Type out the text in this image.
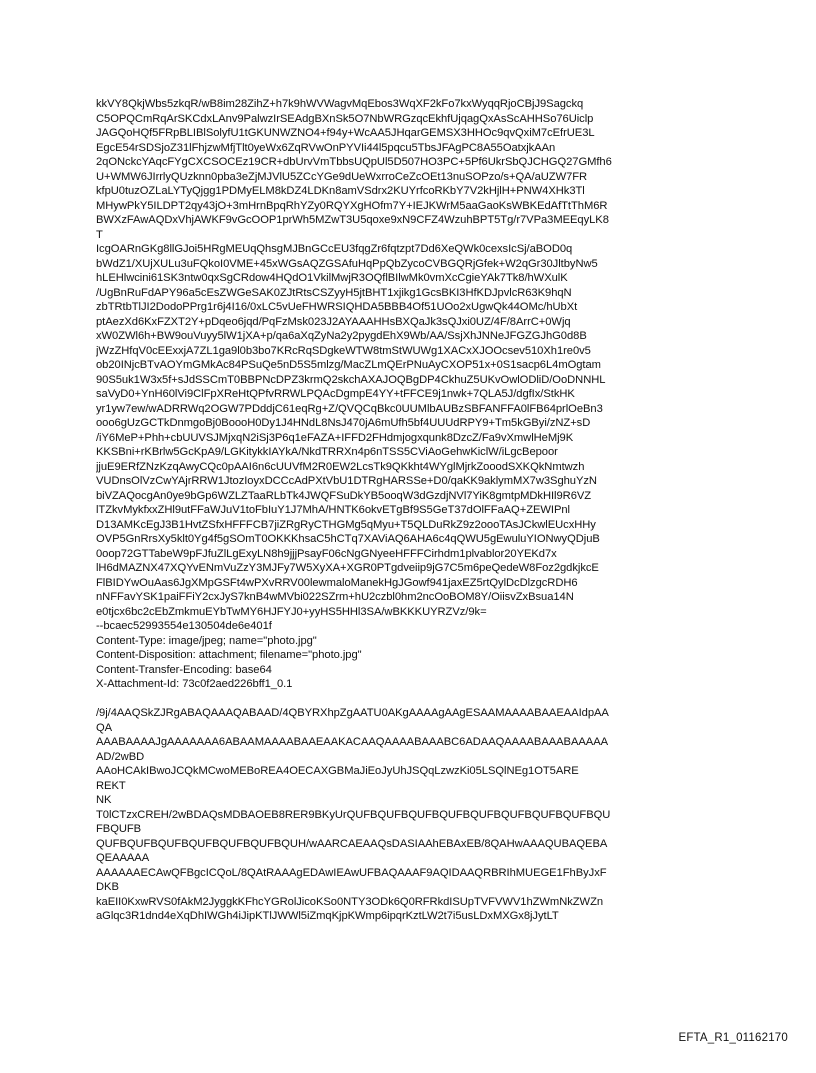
kkVY8QkjWbs5zkqR/wB8im28ZihZ+h7k9hWVWagvMqEbos3WqXF2kFo7kxWyqqRjoCBjJ9Sagckq
C5OPQCmRqArSKCdxLAnv9PalwzIrSEAdgBXnSk5O7NbWRGzqcEkhfUjqagQxAsScAHHSo76Uiclp
JAGQoHQf5FRpBLIBlSolyfU1tGKUNWZNO4+f94y+WcAA5JHqarGEMSX3HHOc9qvQxiM7cEfrUE3L
EgcE54rSDSjoZ31lFhjzwMfjTlt0yeWx6ZqRVwOnPYVIi44l5pqcu5TbsJFAgPC8A55OatxjkAAn
2qONckcYAqcFYgCXCSOCEz19CR+dbUrvVmTbbsUQpUl5D507HO3PC+5Pf6UkrSbQJCHGQ27GMfh6
U+WMW6JIrrlyQUzknn0pba3eZjMJVlU5ZCcYGe9dUeWxrroCeZcOEt13nuSOPzo/s+QA/aUZW7FR
kfpU0tuzOZLaLYTyQjgg1PDMyELM8kDZ4LDKn8amVSdrx2KUYrfcoRKbY7V2kHjlH+PNW4XHk3Tl
MHywPkY5ILDPT2qy43jO+3mHrnBpqRhYZy0RQYXgHOfm7Y+IEJKWrM5aaGaoKsWBKEdAfTtThM6R
BWXzFAwAQDxVhjAWKF9vGcOOP1prWh5MZwT3U5qoxe9xN9CFZ4WzuhBPT5Tg/r7VPa3MEEqyLK8
T
IcgOARnGKg8llGJoi5HRgMEUqQhsgMJBnGCcEU3fqgZr6fqtzpt7Dd6XeQWk0cexsIcSj/aBOD0q
bWdZ1/XUjXULu3uFQkoI0VME+45xWGsAQZGSAfuHqPpQbZycoCVBGQRjGfek+W2qGr30JltbyNw5
hLEHlwcini61SK3ntw0qxSgCRdow4HQdO1VkilMwjR3OQflBIlwMk0vmXcCgieYAk7Tk8/hWXulK
/UgBnRuFdAPY96a5cEsZWGeSAK0ZJtRtsCSZyyH5jtBHT1xjikg1GcsBKI3HfKDJpvlcR63K9hqN
zbTRtbTlJI2DodoPPrg1r6j4I16/0xLC5vUeFHWRSIQHDA5BBB4Of51UOo2xUgwQk44OMc/hUbXt
ptAezXd6KxFZXT2Y+pDqeo6jqd/PqFzMsk023J2AYAAAHHsBXQaJk3sQJxi0UZ/4F/8ArrC+0Wjq
xW0ZWl6h+BW9ouVuyy5lW1jXA+p/qa6aXqZyNa2y2pygdEhX9Wb/AA/SsjXhJNNeJFGZGJhG0d8B
jWzZHfqV0cEExxjA7ZL1ga9l0b3bo7KRcRqSDgkeWTW8tmStWUWg1XACxXJOOcsev510Xh1re0v5
ob20INjcBTvAOYmGMkAc84PSuQe5nD5S5mlzg/MacZLmQErPNuAyCXOP51x+0S1sacp6L4mOgtam
90S5uk1W3x5f+sJdSSCmT0BBPNcDPZ3krmQ2skchAXAJOQBgDP4CkhuZ5UKvOwlODliD/OoDNNHL
saVyD0+YnH60lVi9ClFpXReHtQPfvRRWLPQAcDgmpE4YY+tFFCE9j1nwk+7QLA5J/dgfIx/StkHK
yr1yw7ew/wADRRWq2OGW7PDddjC61eqRg+Z/QVQCqBkc0UUMlbAUBzSBFANFFA0lFB64prlOeBn3
ooo6gUzGCTkDnmgoBj0BoooH0Dy1J4HNdL8NsJ470jA6mUfh5bf4UUUdRPY9+Tm5kGByi/zNZ+sD
/iY6MeP+Phh+cbUUVSJMjxqN2iSj3P6q1eFAZA+IFFD2FHdmjogxqunk8DzcZ/Fa9vXmwlHeMj9K
KKSBni+rKBrlw5GcKpA9/LGKitykkIAYkA/NkdTRRXn4p6nTSS5CViAoGehwKiclW/iLgcBepoor
jjuE9ERfZNzKzqAwyCQc0pAAI6n6cUUVfM2R0EW2LcsTk9QKkht4WYglMjrkZooodSXKQkNmtwzh
VUDnsOlVzCwYAjrRRW1JtozIoyxDCCcAdPXtVbU1DTRgHARSSe+D0/qaKK9aklymMX7w3SghuYzN
biVZAQocgAn0ye9bGp6WZLZTaaRLbTk4JWQFSuDkYB5ooqW3dGzdjNVl7YiK8gmtpMDkHIl9R6VZ
lTZkvMykfxxZHl9utFFaWJuV1toFbIuY1J7MhA/HNTK6okvETgBf9S5GeT37dOlFFaAQ+ZEWIPnl
D13AMKcEgJ3B1HvtZSfxHFFFCB7jiZRgRyCTHGMg5qMyu+T5QLDuRkZ9z2oooTAsJCkwlEUcxHHy
OVP5GnRrsXy5klt0Yg4f5gSOmT0OKKKhsaC5hCTq7XAViAQ6AHA6c4qQWU5gEwuluYIONwyQDjuB
0oop72GTTabeW9pFJfuZlLgExyLN8h9jjjPsayF06cNgGNyeeHFFFCirhdm1plvablor20YEKd7x
lH6dMAZNX47XQYvENmVuZzY3MJFy7W5XyXA+XGR0PTgdveiip9jG7C5m6peQedeW8Foz2gdkjkcE
FlBIDYwOuAas6JgXMpGSFt4wPXvRRV00lewmaloManekHgJGowf941jaxEZ5rtQylDcDlzgcRDH6
nNFFavYSK1paiFFiY2cxJyS7knB4wMVbi022SZrm+hU2czbl0hm2ncOoBOM8Y/OiisvZxBsua14N
e0tjcx6bc2cEbZmkmuEYbTwMY6HJFYJ0+yyHS5HHl3SA/wBKKKUYRZVz/9k=
--bcaec52993554e130504de6e401f
Content-Type: image/jpeg; name="photo.jpg"
Content-Disposition: attachment; filename="photo.jpg"
Content-Transfer-Encoding: base64
X-Attachment-Id: 73c0f2aed226bff1_0.1
/9j/4AAQSkZJRgABAQAAAQABAAD/4QBYRXhpZgAATU0AKgAAAAgAAgESAAMAAAABAAEAAIdpAA
QA
AAABAAAAJgAAAAAAA6ABAAMAAAABAAEAAKACAAQAAAABAAABC6ADAAQAAAABAAABAAAAA
AD/2wBD
AAoHCAkIBwoJCQkMCwoMEBoREA4OECAXGBMaJiEoJyUhJSQqLzwzKi05LSQlNEg1OT5ARE
REKT
NK
T0lCTzxCREH/2wBDAQsMDBAOEB8RER9BKyUrQUFBQUFBQUFBQUFBQUFBQUFBQUFBQUFBQU
FBQUFB
QUFBQUFBQUFBQUFBQUFBQUFBQUH/wAARCAEAAQsDASIAAhEBAxEB/8QAHwAAAQUBAQEBA
QEAAAAA
AAAAAAECAwQFBgcICQoL/8QAtRAAAgEDAwIEAwUFBAQAAAF9AQIDAAQRBRIhMUEGE1FhByJxF
DKB
kaEII0KxwRVS0fAkM2JyggkKFhcYGRolJicoKSo0NTY3ODk6Q0RFRkdISUpTVFVWV1hZWmNkZWZn
aGlqc3R1dnd4eXqDhIWGh4iJipKTlJWWl5iZmqKjpKWmp6ipqrKztLW2t7i5usLDxMXGx8jJytLT
EFTA_R1_01162170
